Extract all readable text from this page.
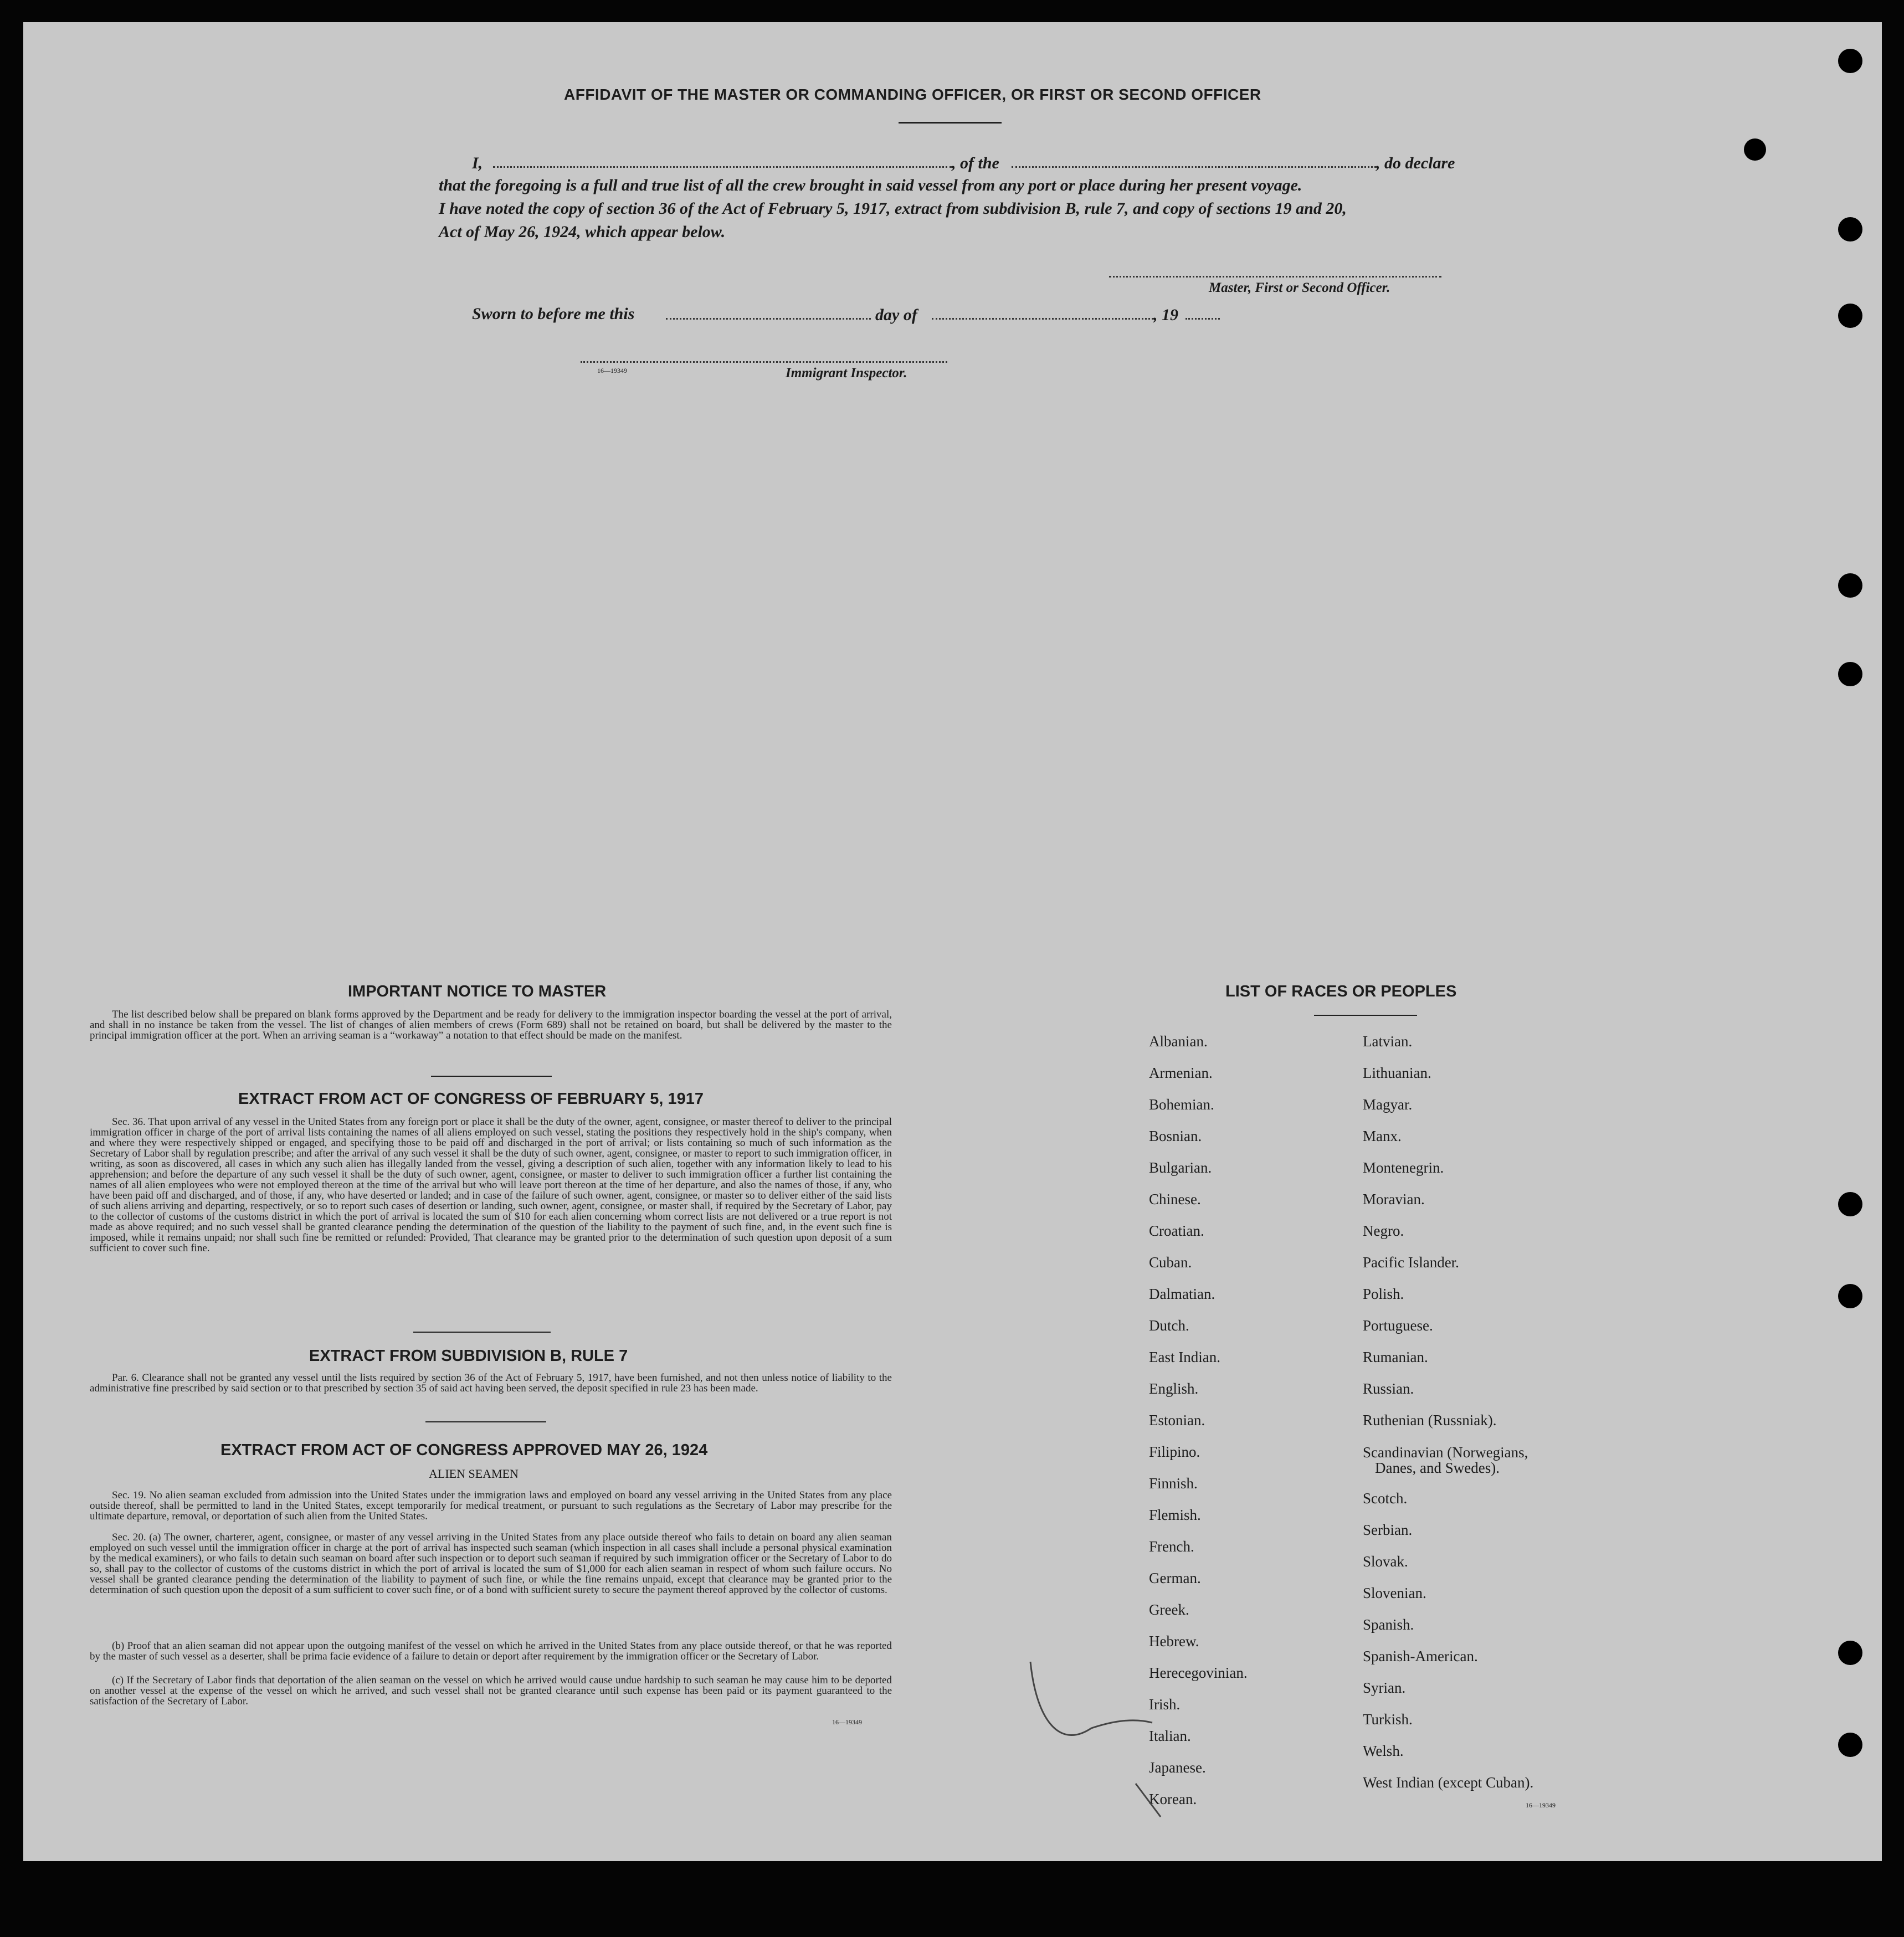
AFFIDAVIT OF THE MASTER OR COMMANDING OFFICER, OR FIRST OR SECOND OFFICER
I,	, of the	, do declare
that the foregoing is a full and true list of all the crew brought in said vessel from any port or place during her present voyage.
I have noted the copy of section 36 of the Act of February 5, 1917, extract from subdivision B, rule 7, and copy of sections 19 and 20,
Act of May 26, 1924, which appear below.
Master, First or Second Officer.
Sworn to before me this	day of	, 19
16—19349	Immigrant Inspector.
IMPORTANT NOTICE TO MASTER
The list described below shall be prepared on blank forms approved by the Department and be ready for delivery to the immigration inspector boarding the vessel at the port of arrival, and shall in no instance be taken from the vessel. The list of changes of alien members of crews (Form 689) shall not be retained on board, but shall be delivered by the master to the principal immigration officer at the port. When an arriving seaman is a “workaway” a notation to that effect should be made on the manifest.
EXTRACT FROM ACT OF CONGRESS OF FEBRUARY 5, 1917
Sec. 36. That upon arrival of any vessel in the United States from any foreign port or place it shall be the duty of the owner, agent, consignee, or master thereof to deliver to the principal immigration officer in charge of the port of arrival lists containing the names of all aliens employed on such vessel, stating the positions they respectively hold in the ship's company, when and where they were respectively shipped or engaged, and specifying those to be paid off and discharged in the port of arrival; or lists containing so much of such information as the Secretary of Labor shall by regulation prescribe; and after the arrival of any such vessel it shall be the duty of such owner, agent, consignee, or master to report to such immigration officer, in writing, as soon as discovered, all cases in which any such alien has illegally landed from the vessel, giving a description of such alien, together with any information likely to lead to his apprehension; and before the departure of any such vessel it shall be the duty of such owner, agent, consignee, or master to deliver to such immigration officer a further list containing the names of all alien employees who were not employed thereon at the time of the arrival but who will leave port thereon at the time of her departure, and also the names of those, if any, who have been paid off and discharged, and of those, if any, who have deserted or landed; and in case of the failure of such owner, agent, consignee, or master so to deliver either of the said lists of such aliens arriving and departing, respectively, or so to report such cases of desertion or landing, such owner, agent, consignee, or master shall, if required by the Secretary of Labor, pay to the collector of customs of the customs district in which the port of arrival is located the sum of $10 for each alien concerning whom correct lists are not delivered or a true report is not made as above required; and no such vessel shall be granted clearance pending the determination of the question of the liability to the payment of such fine, and, in the event such fine is imposed, while it remains unpaid; nor shall such fine be remitted or refunded: Provided, That clearance may be granted prior to the determination of such question upon deposit of a sum sufficient to cover such fine.
EXTRACT FROM SUBDIVISION B, RULE 7
Par. 6. Clearance shall not be granted any vessel until the lists required by section 36 of the Act of February 5, 1917, have been furnished, and not then unless notice of liability to the administrative fine prescribed by said section or to that prescribed by section 35 of said act having been served, the deposit specified in rule 23 has been made.
EXTRACT FROM ACT OF CONGRESS APPROVED MAY 26, 1924
ALIEN SEAMEN
Sec. 19. No alien seaman excluded from admission into the United States under the immigration laws and employed on board any vessel arriving in the United States from any place outside thereof, shall be permitted to land in the United States, except temporarily for medical treatment, or pursuant to such regulations as the Secretary of Labor may prescribe for the ultimate departure, removal, or deportation of such alien from the United States.
Sec. 20. (a) The owner, charterer, agent, consignee, or master of any vessel arriving in the United States from any place outside thereof who fails to detain on board any alien seaman employed on such vessel until the immigration officer in charge at the port of arrival has inspected such seaman (which inspection in all cases shall include a personal physical examination by the medical examiners), or who fails to detain such seaman on board after such inspection or to deport such seaman if required by such immigration officer or the Secretary of Labor to do so, shall pay to the collector of customs of the customs district in which the port of arrival is located the sum of $1,000 for each alien seaman in respect of whom such failure occurs. No vessel shall be granted clearance pending the determination of the liability to payment of such fine, or while the fine remains unpaid, except that clearance may be granted prior to the determination of such question upon the deposit of a sum sufficient to cover such fine, or of a bond with sufficient surety to secure the payment thereof approved by the collector of customs.
(b) Proof that an alien seaman did not appear upon the outgoing manifest of the vessel on which he arrived in the United States from any place outside thereof, or that he was reported by the master of such vessel as a deserter, shall be prima facie evidence of a failure to detain or deport after requirement by the immigration officer or the Secretary of Labor.
(c) If the Secretary of Labor finds that deportation of the alien seaman on the vessel on which he arrived would cause undue hardship to such seaman he may cause him to be deported on another vessel at the expense of the vessel on which he arrived, and such vessel shall not be granted clearance until such expense has been paid or its payment guaranteed to the satisfaction of the Secretary of Labor.
16—19349
LIST OF RACES OR PEOPLES
Albanian.
Armenian.
Bohemian.
Bosnian.
Bulgarian.
Chinese.
Croatian.
Cuban.
Dalmatian.
Dutch.
East Indian.
English.
Estonian.
Filipino.
Finnish.
Flemish.
French.
German.
Greek.
Hebrew.
Herecegovinian.
Irish.
Italian.
Japanese.
Korean.
Latvian.
Lithuanian.
Magyar.
Manx.
Montenegrin.
Moravian.
Negro.
Pacific Islander.
Polish.
Portuguese.
Rumanian.
Russian.
Ruthenian (Russniak).
Scandinavian (Norwegians,
Danes, and Swedes).
Scotch.
Serbian.
Slovak.
Slovenian.
Spanish.
Spanish-American.
Syrian.
Turkish.
Welsh.
West Indian (except Cuban).
16—19349
